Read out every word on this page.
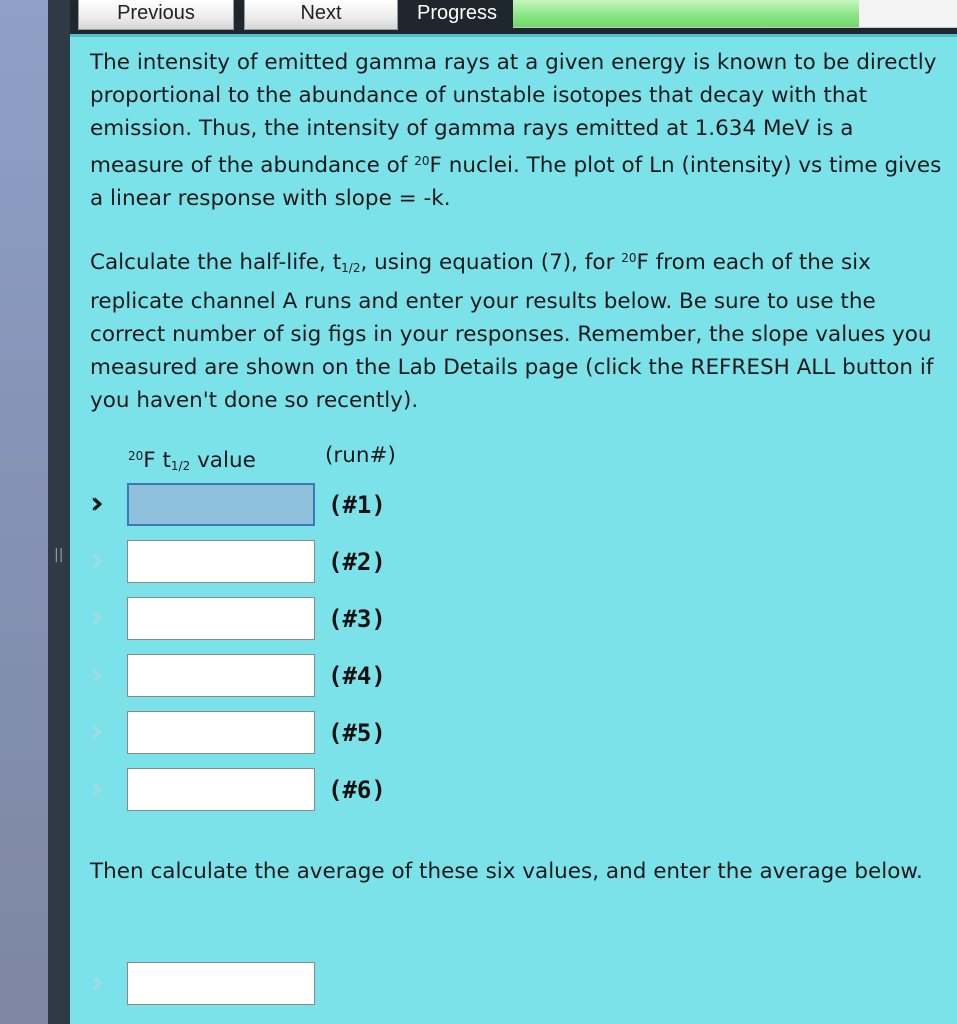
||
Previous	Next	Progress

The intensity of emitted gamma rays at a given energy is known to be directly proportional to the abundance of unstable isotopes that decay with that emission. Thus, the intensity of gamma rays emitted at 1.634 MeV is a measure of the abundance of $^{20}$F nuclei. The plot of Ln (intensity) vs time gives a linear response with slope = -k.

Calculate the half-life, $t_{1/2}$, using equation (7), for $^{20}$F from each of the six replicate channel A runs and enter your results below. Be sure to use the correct number of sig figs in your responses. Remember, the slope values you measured are shown on the Lab Details page (click the REFRESH ALL button if you haven't done so recently).

$^{20}$F $t_{1/2}$ value	(run#)
››	(#1)
››	(#2)
››	(#3)
››	(#4)
››	(#5)
››	(#6)

Then calculate the average of these six values, and enter the average below.

››
